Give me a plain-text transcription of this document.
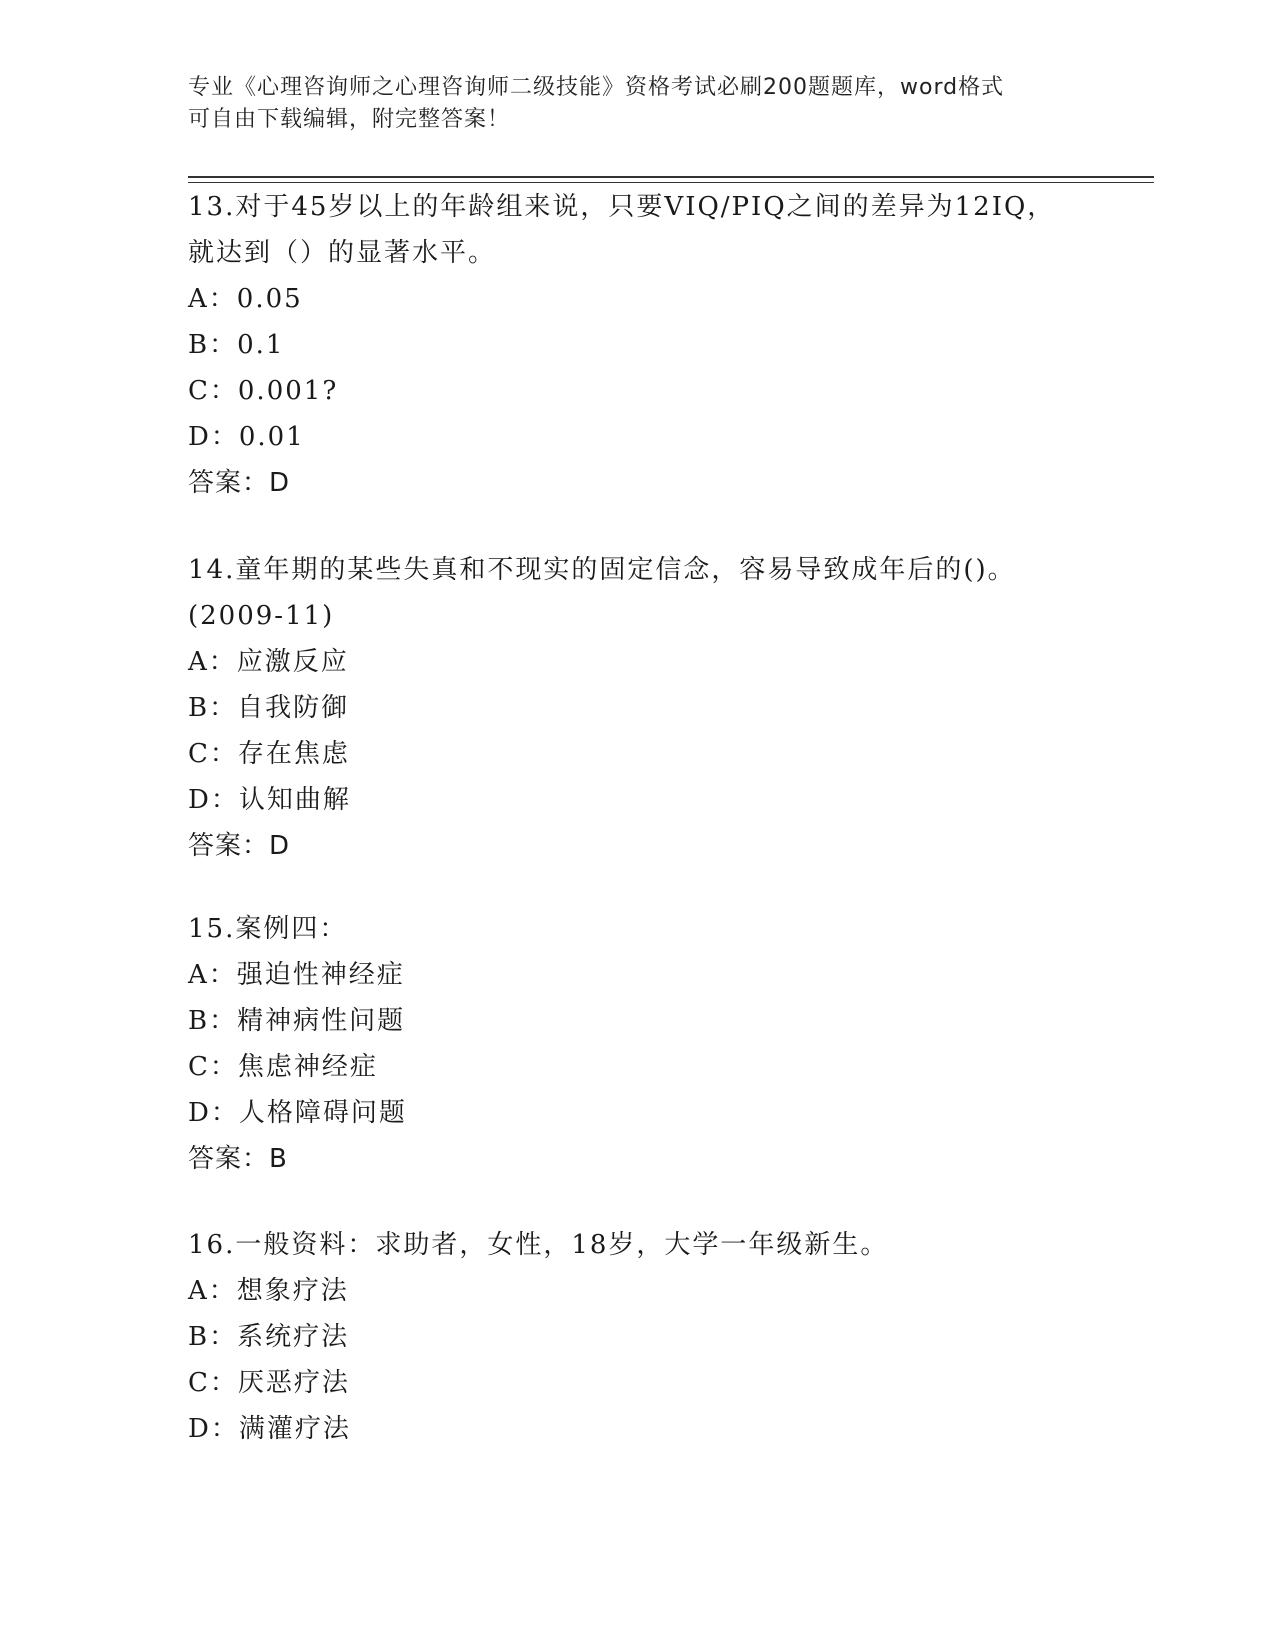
专业《心理咨询师之心理咨询师二级技能》资格考试必刷200题题库，word格式
可自由下载编辑，附完整答案！
13.对于45岁以上的年龄组来说，只要VIQ/PIQ之间的差异为12IQ，
就达到（）的显著水平。
A：0.05
B：0.1
C：0.001?
D：0.01
答案：D
14.童年期的某些失真和不现实的固定信念，容易导致成年后的()。
(2009-11)
A：应激反应
B：自我防御
C：存在焦虑
D：认知曲解
答案：D
15.案例四：
A：强迫性神经症
B：精神病性问题
C：焦虑神经症
D：人格障碍问题
答案：B
16.一般资料：求助者，女性，18岁，大学一年级新生。
A：想象疗法
B：系统疗法
C：厌恶疗法
D：满灌疗法
